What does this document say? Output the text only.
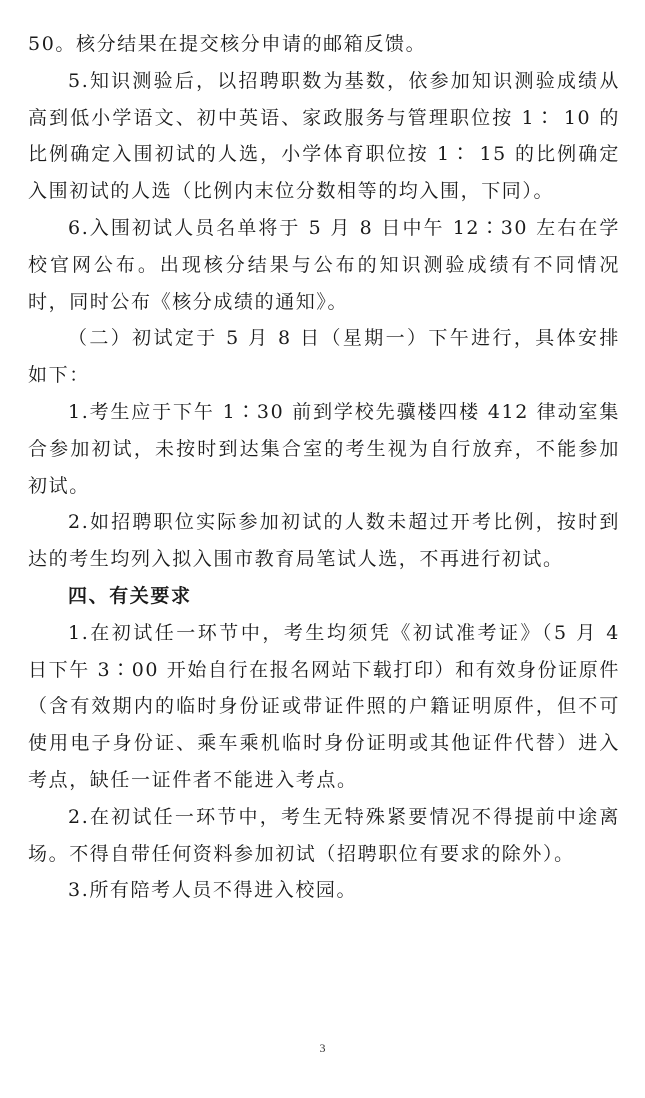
50。核分结果在提交核分申请的邮箱反馈。

5.知识测验后，以招聘职数为基数，依参加知识测验成绩从高到低小学语文、初中英语、家政服务与管理职位按 1∶ 10 的比例确定入围初试的人选，小学体育职位按 1∶ 15 的比例确定入围初试的人选（比例内末位分数相等的均入围，下同）。

6.入围初试人员名单将于 5 月 8 日中午 12∶30 左右在学校官网公布。出现核分结果与公布的知识测验成绩有不同情况时，同时公布《核分成绩的通知》。

（二）初试定于 5 月 8 日（星期一）下午进行，具体安排如下：

1.考生应于下午 1∶30 前到学校先骥楼四楼 412 律动室集合参加初试，未按时到达集合室的考生视为自行放弃，不能参加初试。

2.如招聘职位实际参加初试的人数未超过开考比例，按时到达的考生均列入拟入围市教育局笔试人选，不再进行初试。

四、有关要求

1.在初试任一环节中，考生均须凭《初试准考证》（5 月 4 日下午 3∶00 开始自行在报名网站下载打印）和有效身份证原件（含有效期内的临时身份证或带证件照的户籍证明原件，但不可使用电子身份证、乘车乘机临时身份证明或其他证件代替）进入考点，缺任一证件者不能进入考点。

2.在初试任一环节中，考生无特殊紧要情况不得提前中途离场。不得自带任何资料参加初试（招聘职位有要求的除外）。

3.所有陪考人员不得进入校园。

3
